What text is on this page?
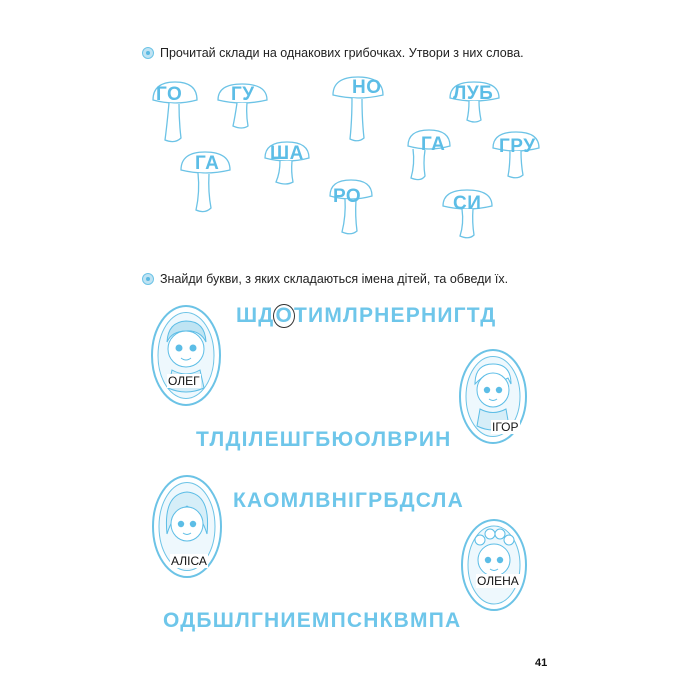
Прочитай склади на однакових грибочках. Утвори з них слова.
ГО	ГУ	НО	ЛУБ
ГА	ША	ГА	ГРУ
РО	СИ
Знайди букви, з яких складаються імена дітей, та обведи їх.
ШДОТИМЛРНЕРНИГТД
ТЛДІЛЕШГБЮОЛВРИН
КАОМЛВНІГРБДСЛА
ОДБШЛГНИЕМПСНКВМПА
ОЛЕГ
ІГОР
АЛІСА
ОЛЕНА
41
